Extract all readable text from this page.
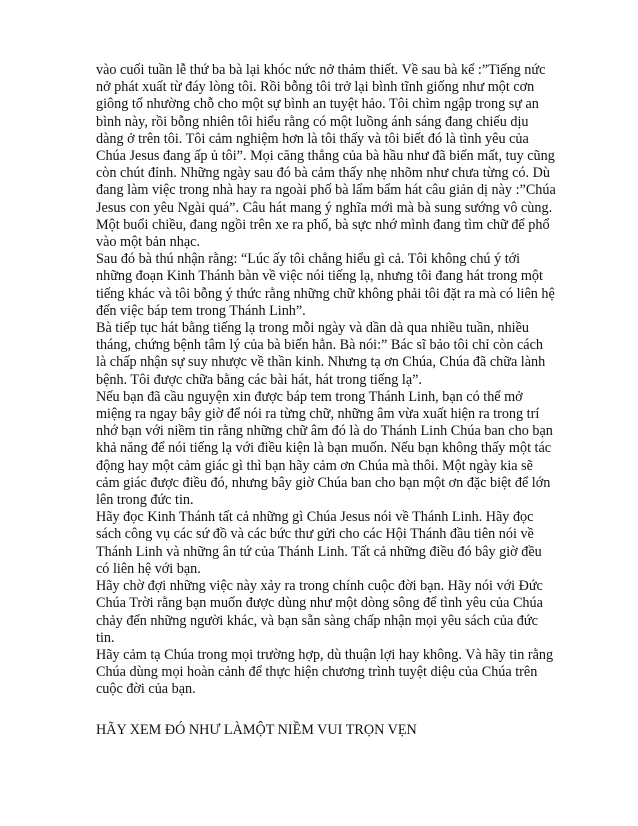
vào cuối tuần lễ thứ ba bà lại khóc nức nở thảm thiết. Về sau bà kể :”Tiếng nức nở phát xuất từ đáy lòng tôi. Rồi bỗng tôi trở lại bình tĩnh giống như một cơn giông tố nhường chỗ cho một sự bình an tuyệt hảo. Tôi chìm ngập trong sự an bình này, rồi bỗng nhiên tôi hiểu rằng có một luồng ánh sáng đang chiếu dịu dàng ở trên tôi. Tôi cảm nghiệm hơn là tôi thấy và tôi biết đó là tình yêu của Chúa Jesus đang ấp ủ tôi”. Mọi căng thẳng của bà hầu như đã biến mất, tuy cũng còn chút đỉnh. Những ngày sau đó bà cảm thấy nhẹ nhõm như chưa từng có. Dù đang làm việc trong nhà hay ra ngoài phố bà lẩm bẩm hát câu giản dị này :”Chúa Jesus con yêu Ngài quá”. Câu hát mang ý nghĩa mới mà bà sung sướng vô cùng. Một buổi chiều, đang ngồi trên xe ra phố, bà sực nhớ mình đang tìm chữ để phổ vào một bản nhạc.

Sau đó bà thú nhận rằng: “Lúc ấy tôi chẳng hiểu gì cả. Tôi không chú ý tới những đoạn Kinh Thánh bàn về việc nói tiếng lạ, nhưng tôi đang hát trong một tiếng khác và tôi bỗng ý thức rằng những chữ không phải tôi đặt ra mà có liên hệ đến việc báp tem trong Thánh Linh”.

Bà tiếp tục hát bằng tiếng lạ trong mỗi ngày và dần dà qua nhiều tuần, nhiều tháng, chứng bệnh tâm lý của bà biến hẳn. Bà nói:” Bác sĩ bảo tôi chỉ còn cách là chấp nhận sự suy nhược về thần kinh. Nhưng tạ ơn Chúa, Chúa đã chữa lành bệnh. Tôi được chữa bằng các bài hát, hát trong tiếng lạ”.

Nếu bạn đã cầu nguyện xin được báp tem trong Thánh Linh, bạn có thể mở miệng ra ngay bây giờ để nói ra từng chữ, những âm vừa xuất hiện ra trong trí nhớ bạn với niềm tin rằng những chữ âm đó là do Thánh Linh Chúa ban cho bạn khả năng để nói tiếng lạ với điều kiện là bạn muốn. Nếu bạn không thấy một tác động hay một cảm giác gì thì bạn hãy cảm ơn Chúa mà thôi. Một ngày kia sẽ cảm giác được điều đó, nhưng bây giờ Chúa ban cho bạn một ơn đặc biệt để lớn lên trong đức tin.

Hãy đọc Kinh Thánh tất cả những gì Chúa Jesus nói về Thánh Linh. Hãy đọc sách công vụ các sứ đồ và các bức thư gửi cho các Hội Thánh đầu tiên nói về Thánh Linh và những ân tứ của Thánh Linh. Tất cả những điều đó bây giờ đều có liên hệ với bạn.

Hãy chờ đợi những việc này xảy ra trong chính cuộc đời bạn. Hãy nói với Đức Chúa Trời rằng bạn muốn được dùng như một dòng sông để tình yêu của Chúa chảy đến những người khác, và bạn sẵn sàng chấp nhận mọi yêu sách của đức tin.

Hãy cảm tạ Chúa trong mọi trường hợp, dù thuận lợi hay không. Và hãy tin rằng Chúa dùng mọi hoàn cảnh để thực hiện chương trình tuyệt diệu của Chúa trên cuộc đời của bạn.

HÃY XEM ĐÓ NHƯ LÀMỘT NIỀM VUI TRỌN VẸN
